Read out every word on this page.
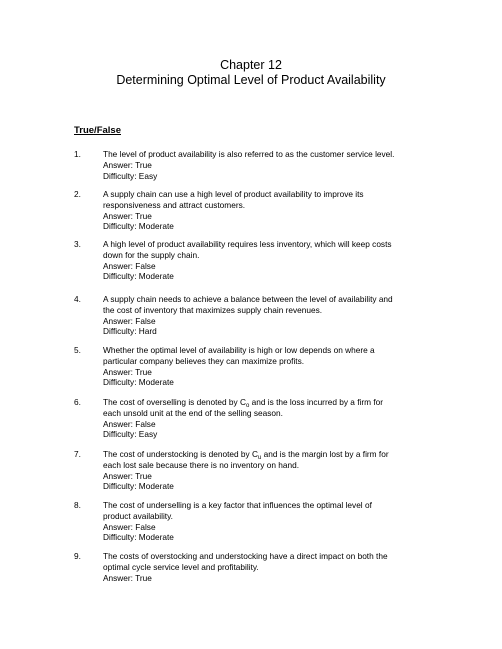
Chapter 12
Determining Optimal Level of Product Availability
True/False
1.	The level of product availability is also referred to as the customer service level.
Answer: True
Difficulty: Easy
2.	A supply chain can use a high level of product availability to improve its
responsiveness and attract customers.
Answer: True
Difficulty: Moderate
3.	A high level of product availability requires less inventory, which will keep costs
down for the supply chain.
Answer: False
Difficulty: Moderate
4.	A supply chain needs to achieve a balance between the level of availability and
the cost of inventory that maximizes supply chain revenues.
Answer: False
Difficulty: Hard
5.	Whether the optimal level of availability is high or low depends on where a
particular company believes they can maximize profits.
Answer: True
Difficulty: Moderate
6.	The cost of overselling is denoted by $C_o$ and is the loss incurred by a firm for
each unsold unit at the end of the selling season.
Answer: False
Difficulty: Easy
7.	The cost of understocking is denoted by $C_u$ and is the margin lost by a firm for
each lost sale because there is no inventory on hand.
Answer: True
Difficulty: Moderate
8.	The cost of underselling is a key factor that influences the optimal level of
product availability.
Answer: False
Difficulty: Moderate
9.	The costs of overstocking and understocking have a direct impact on both the
optimal cycle service level and profitability.
Answer: True
